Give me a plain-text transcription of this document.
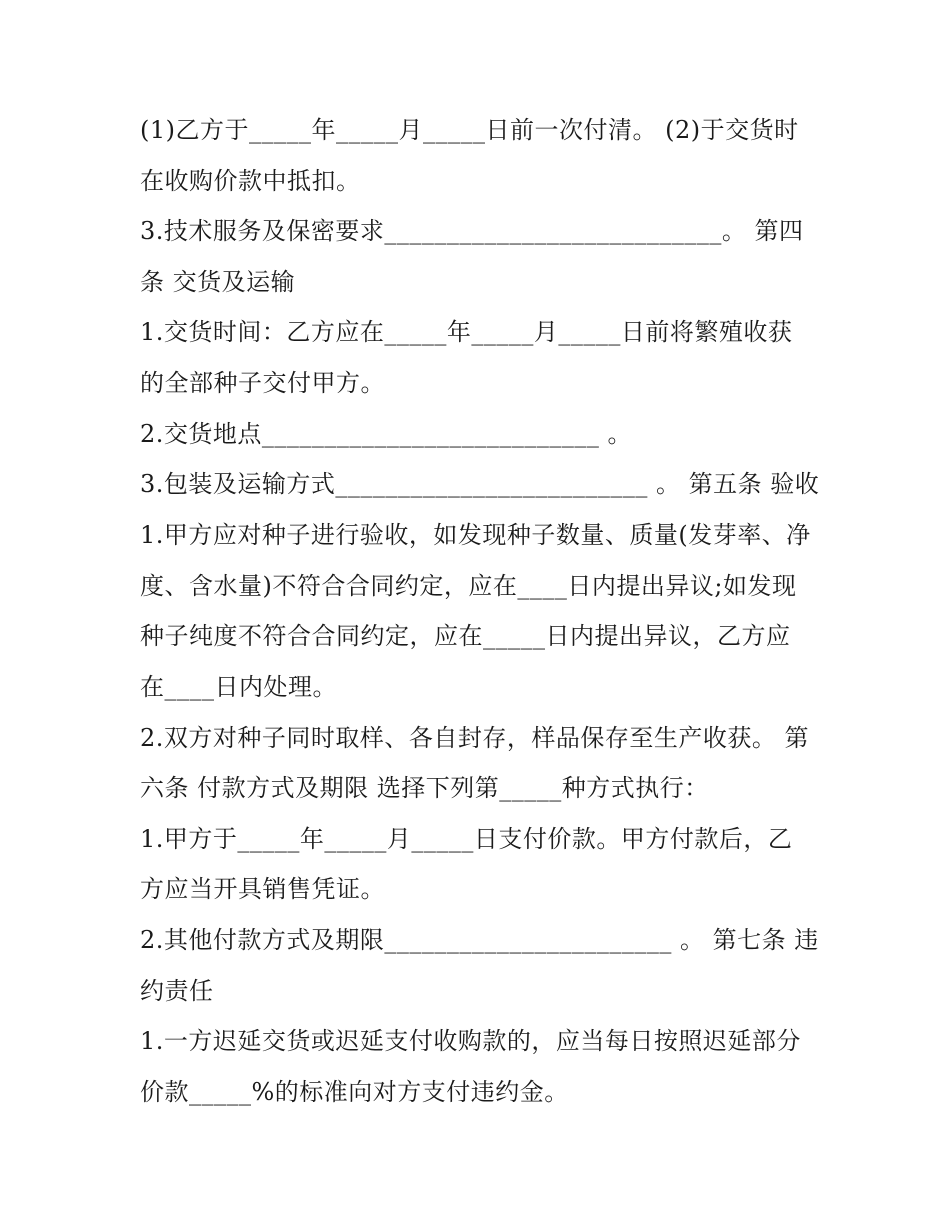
(1)乙方于_____年_____月_____日前一次付清。 (2)于交货时
在收购价款中抵扣。
3.技术服务及保密要求___________________________。 第四
条 交货及运输
1.交货时间：乙方应在_____年_____月_____日前将繁殖收获
的全部种子交付甲方。
2.交货地点___________________________ 。
3.包装及运输方式_________________________ 。 第五条 验收
1.甲方应对种子进行验收，如发现种子数量、质量(发芽率、净
度、含水量)不符合合同约定，应在____日内提出异议;如发现
种子纯度不符合合同约定，应在_____日内提出异议，乙方应
在____日内处理。
2.双方对种子同时取样、各自封存，样品保存至生产收获。 第
六条 付款方式及期限 选择下列第_____种方式执行：
1.甲方于_____年_____月_____日支付价款。甲方付款后，乙
方应当开具销售凭证。
2.其他付款方式及期限_______________________ 。 第七条 违
约责任
1.一方迟延交货或迟延支付收购款的，应当每日按照迟延部分
价款_____%的标准向对方支付违约金。
